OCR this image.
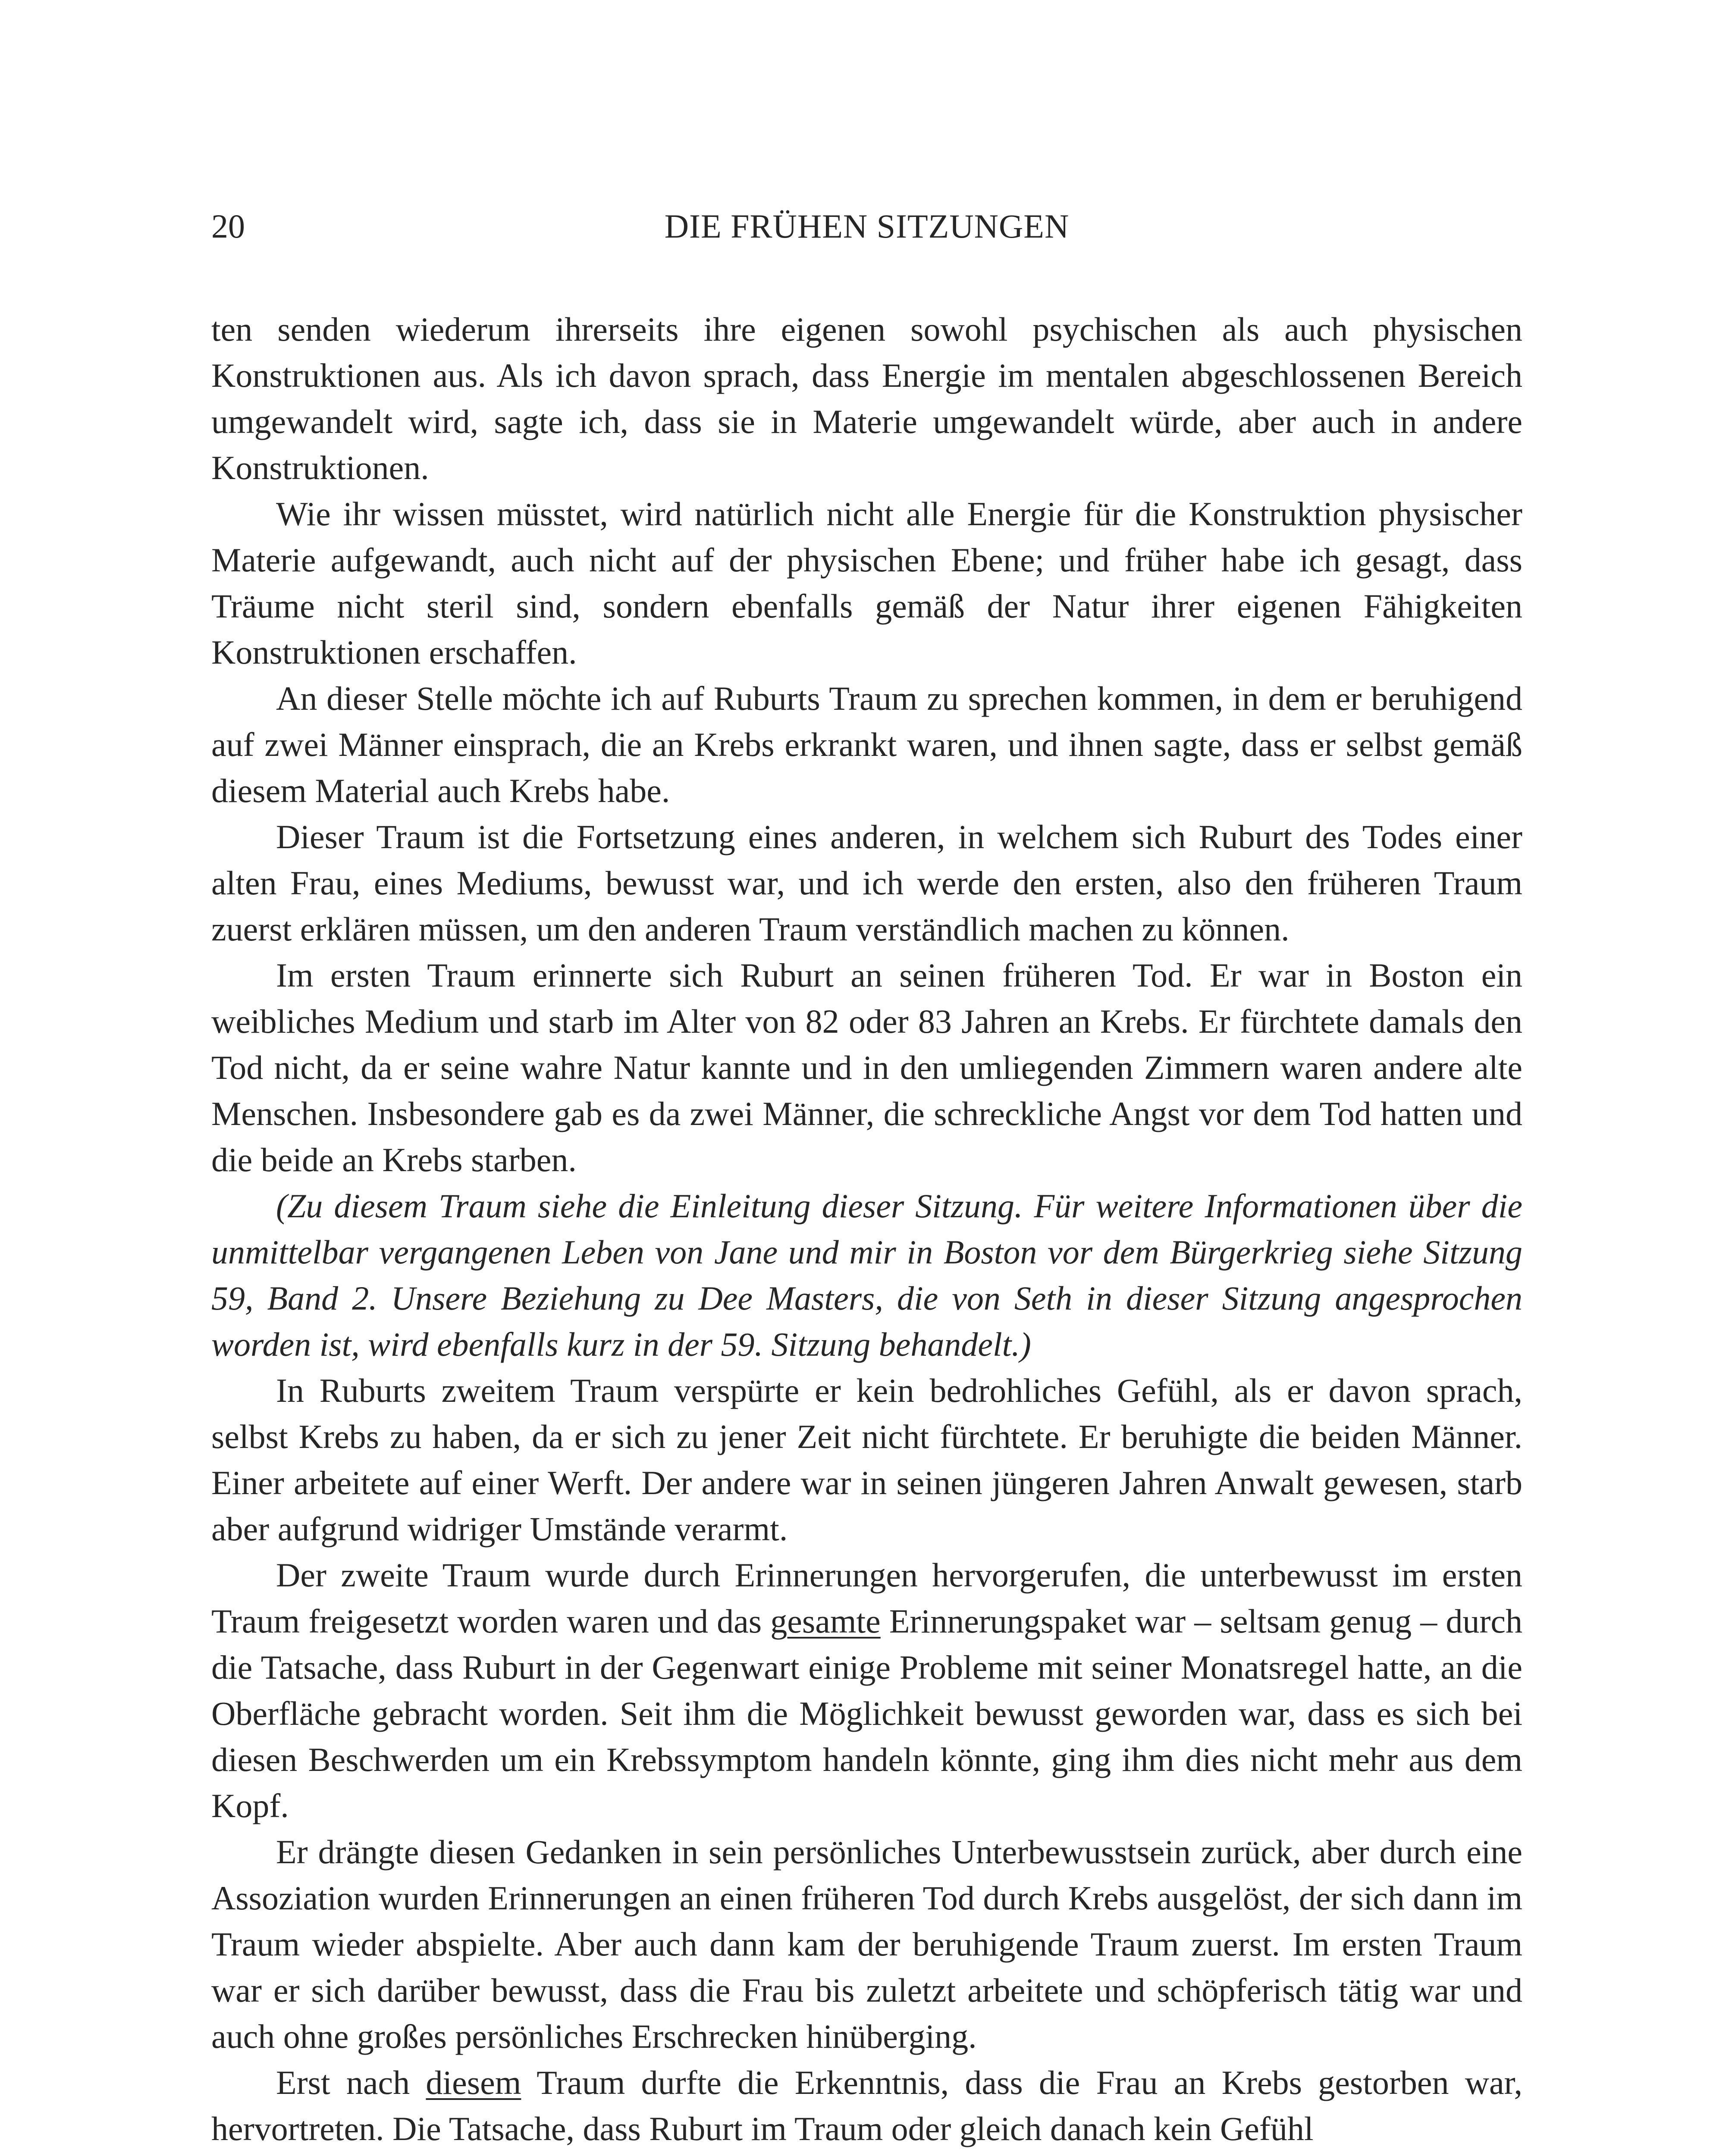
20	DIE FRÜHEN SITZUNGEN

ten senden wiederum ihrerseits ihre eigenen sowohl psychischen als auch physischen Konstruktionen aus. Als ich davon sprach, dass Energie im mentalen abgeschlossenen Bereich umgewandelt wird, sagte ich, dass sie in Materie umgewandelt würde, aber auch in andere Konstruktionen.

Wie ihr wissen müsstet, wird natürlich nicht alle Energie für die Konstruktion physischer Materie aufgewandt, auch nicht auf der physischen Ebene; und früher habe ich gesagt, dass Träume nicht steril sind, sondern ebenfalls gemäß der Natur ihrer eigenen Fähigkeiten Konstruktionen erschaffen.

An dieser Stelle möchte ich auf Ruburts Traum zu sprechen kommen, in dem er beruhigend auf zwei Männer einsprach, die an Krebs erkrankt waren, und ihnen sagte, dass er selbst gemäß diesem Material auch Krebs habe.

Dieser Traum ist die Fortsetzung eines anderen, in welchem sich Ruburt des Todes einer alten Frau, eines Mediums, bewusst war, und ich werde den ersten, also den früheren Traum zuerst erklären müssen, um den anderen Traum verständlich machen zu können.

Im ersten Traum erinnerte sich Ruburt an seinen früheren Tod. Er war in Boston ein weibliches Medium und starb im Alter von 82 oder 83 Jahren an Krebs. Er fürchtete damals den Tod nicht, da er seine wahre Natur kannte und in den umliegenden Zimmern waren andere alte Menschen. Insbesondere gab es da zwei Männer, die schreckliche Angst vor dem Tod hatten und die beide an Krebs starben.

(Zu diesem Traum siehe die Einleitung dieser Sitzung. Für weitere Informationen über die unmittelbar vergangenen Leben von Jane und mir in Boston vor dem Bürgerkrieg siehe Sitzung 59, Band 2. Unsere Beziehung zu Dee Masters, die von Seth in dieser Sitzung angesprochen worden ist, wird ebenfalls kurz in der 59. Sitzung behandelt.)

In Ruburts zweitem Traum verspürte er kein bedrohliches Gefühl, als er davon sprach, selbst Krebs zu haben, da er sich zu jener Zeit nicht fürchtete. Er beruhigte die beiden Männer. Einer arbeitete auf einer Werft. Der andere war in seinen jüngeren Jahren Anwalt gewesen, starb aber aufgrund widriger Umstände verarmt.

Der zweite Traum wurde durch Erinnerungen hervorgerufen, die unterbewusst im ersten Traum freigesetzt worden waren und das gesamte Erinnerungspaket war – seltsam genug – durch die Tatsache, dass Ruburt in der Gegenwart einige Probleme mit seiner Monatsregel hatte, an die Oberfläche gebracht worden. Seit ihm die Möglichkeit bewusst geworden war, dass es sich bei diesen Beschwerden um ein Krebssymptom handeln könnte, ging ihm dies nicht mehr aus dem Kopf.

Er drängte diesen Gedanken in sein persönliches Unterbewusstsein zurück, aber durch eine Assoziation wurden Erinnerungen an einen früheren Tod durch Krebs ausgelöst, der sich dann im Traum wieder abspielte. Aber auch dann kam der beruhigende Traum zuerst. Im ersten Traum war er sich darüber bewusst, dass die Frau bis zuletzt arbeitete und schöpferisch tätig war und auch ohne großes persönliches Erschrecken hinüberging.

Erst nach diesem Traum durfte die Erkenntnis, dass die Frau an Krebs gestorben war, hervortreten. Die Tatsache, dass Ruburt im Traum oder gleich danach kein Gefühl
